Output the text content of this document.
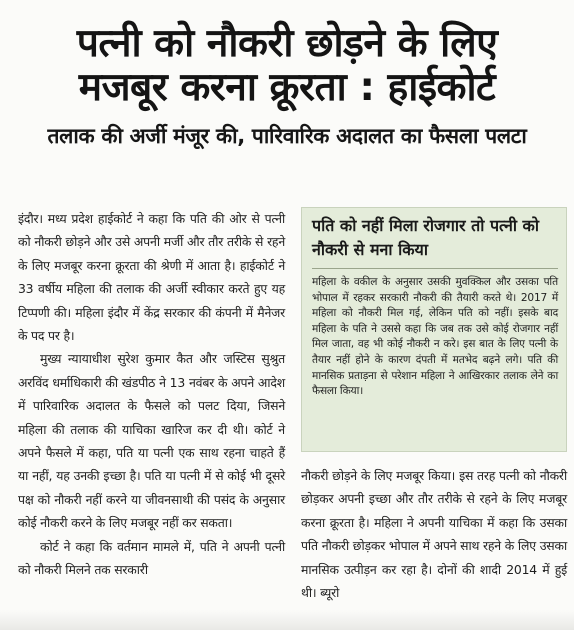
पत्नी को नौकरी छोड़ने के लिए
मजबूर करना क्रूरता : हाईकोर्ट
तलाक की अर्जी मंजूर की, पारिवारिक अदालत का फैसला पलटा

इंदौर। मध्य प्रदेश हाईकोर्ट ने कहा कि पति की ओर से पत्नी को नौकरी छोड़ने और उसे अपनी मर्जी और तौर तरीके से रहने के लिए मजबूर करना क्रूरता की श्रेणी में आता है। हाईकोर्ट ने 33 वर्षीय महिला की तलाक की अर्जी स्वीकार करते हुए यह टिप्पणी की। महिला इंदौर में केंद्र सरकार की कंपनी में मैनेजर के पद पर है।

मुख्य न्यायाधीश सुरेश कुमार कैत और जस्टिस सुश्रुत अरविंद धर्माधिकारी की खंडपीठ ने 13 नवंबर के अपने आदेश में पारिवारिक अदालत के फैसले को पलट दिया, जिसने महिला की तलाक की याचिका खारिज कर दी थी। कोर्ट ने अपने फैसले में कहा, पति या पत्नी एक साथ रहना चाहते हैं या नहीं, यह उनकी इच्छा है। पति या पत्नी में से कोई भी दूसरे पक्ष को नौकरी नहीं करने या जीवनसाथी की पसंद के अनुसार कोई नौकरी करने के लिए मजबूर नहीं कर सकता।

कोर्ट ने कहा कि वर्तमान मामले में, पति ने अपनी पत्नी को नौकरी मिलने तक सरकारी

पति को नहीं मिला रोजगार तो पत्नी को नौकरी से मना किया
महिला के वकील के अनुसार उसकी मुवक्किल और उसका पति भोपाल में रहकर सरकारी नौकरी की तैयारी करते थे। 2017 में महिला को नौकरी मिल गई, लेकिन पति को नहीं। इसके बाद महिला के पति ने उससे कहा कि जब तक उसे कोई रोजगार नहीं मिल जाता, वह भी कोई नौकरी न करे। इस बात के लिए पत्नी के तैयार नहीं होने के कारण दंपती में मतभेद बढ़ने लगे। पति की मानसिक प्रताड़ना से परेशान महिला ने आखिरकार तलाक लेने का फैसला किया।

नौकरी छोड़ने के लिए मजबूर किया। इस तरह पत्नी को नौकरी छोड़कर अपनी इच्छा और तौर तरीके से रहने के लिए मजबूर करना क्रूरता है। महिला ने अपनी याचिका में कहा कि उसका पति नौकरी छोड़कर भोपाल में अपने साथ रहने के लिए उसका मानसिक उत्पीड़न कर रहा है। दोनों की शादी 2014 में हुई थी। ब्यूरो
